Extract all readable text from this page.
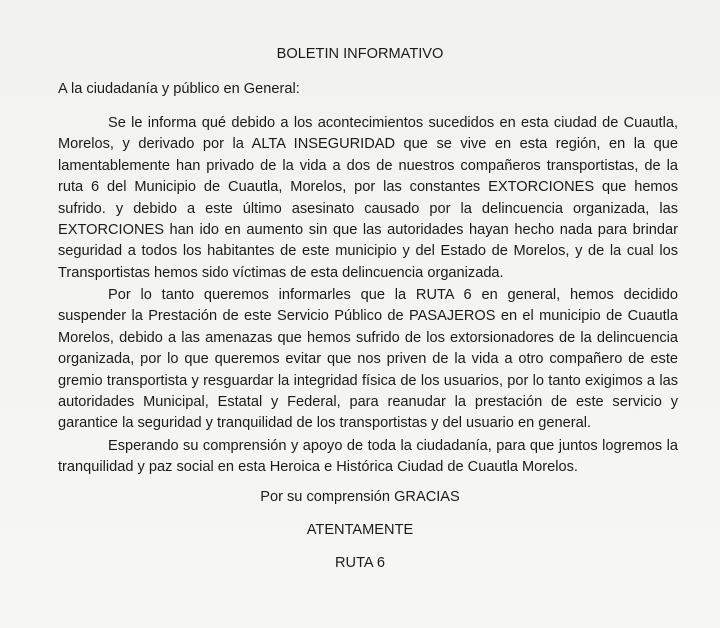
BOLETIN INFORMATIVO

A la ciudadanía y público en General:

Se le informa qué debido a los acontecimientos sucedidos en esta ciudad de Cuautla, Morelos, y derivado por la ALTA INSEGURIDAD que se vive en esta región, en la que lamentablemente han privado de la vida a dos de nuestros compañeros transportistas, de la ruta 6 del Municipio de Cuautla, Morelos, por las constantes EXTORCIONES que hemos sufrido. y debido a este último asesinato causado por la delincuencia organizada, las EXTORCIONES han ido en aumento sin que las autoridades hayan hecho nada para brindar seguridad a todos los habitantes de este municipio y del Estado de Morelos, y de la cual los Transportistas hemos sido víctimas de esta delincuencia organizada.

Por lo tanto queremos informarles que la RUTA 6 en general, hemos decidido suspender la Prestación de este Servicio Público de PASAJEROS en el municipio de Cuautla Morelos, debido a las amenazas que hemos sufrido de los extorsionadores de la delincuencia organizada, por lo que queremos evitar que nos priven de la vida a otro compañero de este gremio transportista y resguardar la integridad física de los usuarios, por lo tanto exigimos a las autoridades Municipal, Estatal y Federal, para reanudar la prestación de este servicio y garantice la seguridad y tranquilidad de los transportistas y del usuario en general.

Esperando su comprensión y apoyo de toda la ciudadanía, para que juntos logremos la tranquilidad y paz social en esta Heroica e Histórica Ciudad de Cuautla Morelos.

Por su comprensión GRACIAS

ATENTAMENTE

RUTA 6
